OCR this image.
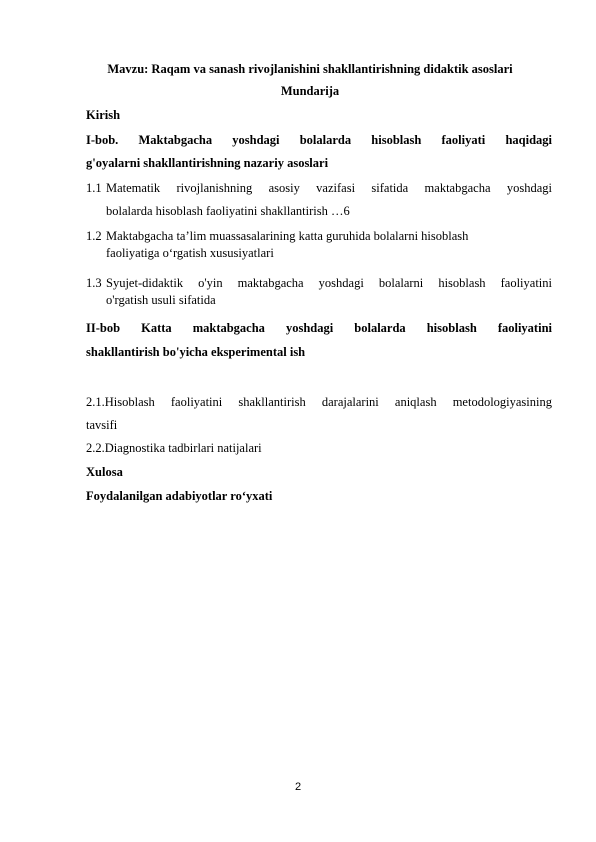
Mavzu: Raqam va sanash rivojlanishini shakllantirishning didaktik asoslari

Mundarija

Kirish

I-bob. Maktabgacha yoshdagi bolalarda hisoblash faoliyati haqidagi

g'oyalarni shakllantirishning nazariy asoslari

1.1 Matematik rivojlanishning asosiy vazifasi sifatida maktabgacha yoshdagi

bolalarda hisoblash faoliyatini shakllantirish …6

1.2 Maktabgacha ta’lim muassasalarining katta guruhida bolalarni hisoblash

faoliyatiga o‘rgatish xususiyatlari

1.3 Syujet-didaktik o'yin maktabgacha yoshdagi bolalarni hisoblash faoliyatini

o'rgatish usuli sifatida

II-bob Katta maktabgacha yoshdagi bolalarda hisoblash faoliyatini

shakllantirish bo'yicha eksperimental ish

2.1.Hisoblash faoliyatini shakllantirish darajalarini aniqlash metodologiyasining

tavsifi

2.2.Diagnostika tadbirlari natijalari

Xulosa

Foydalanilgan adabiyotlar ro‘yxati

2
